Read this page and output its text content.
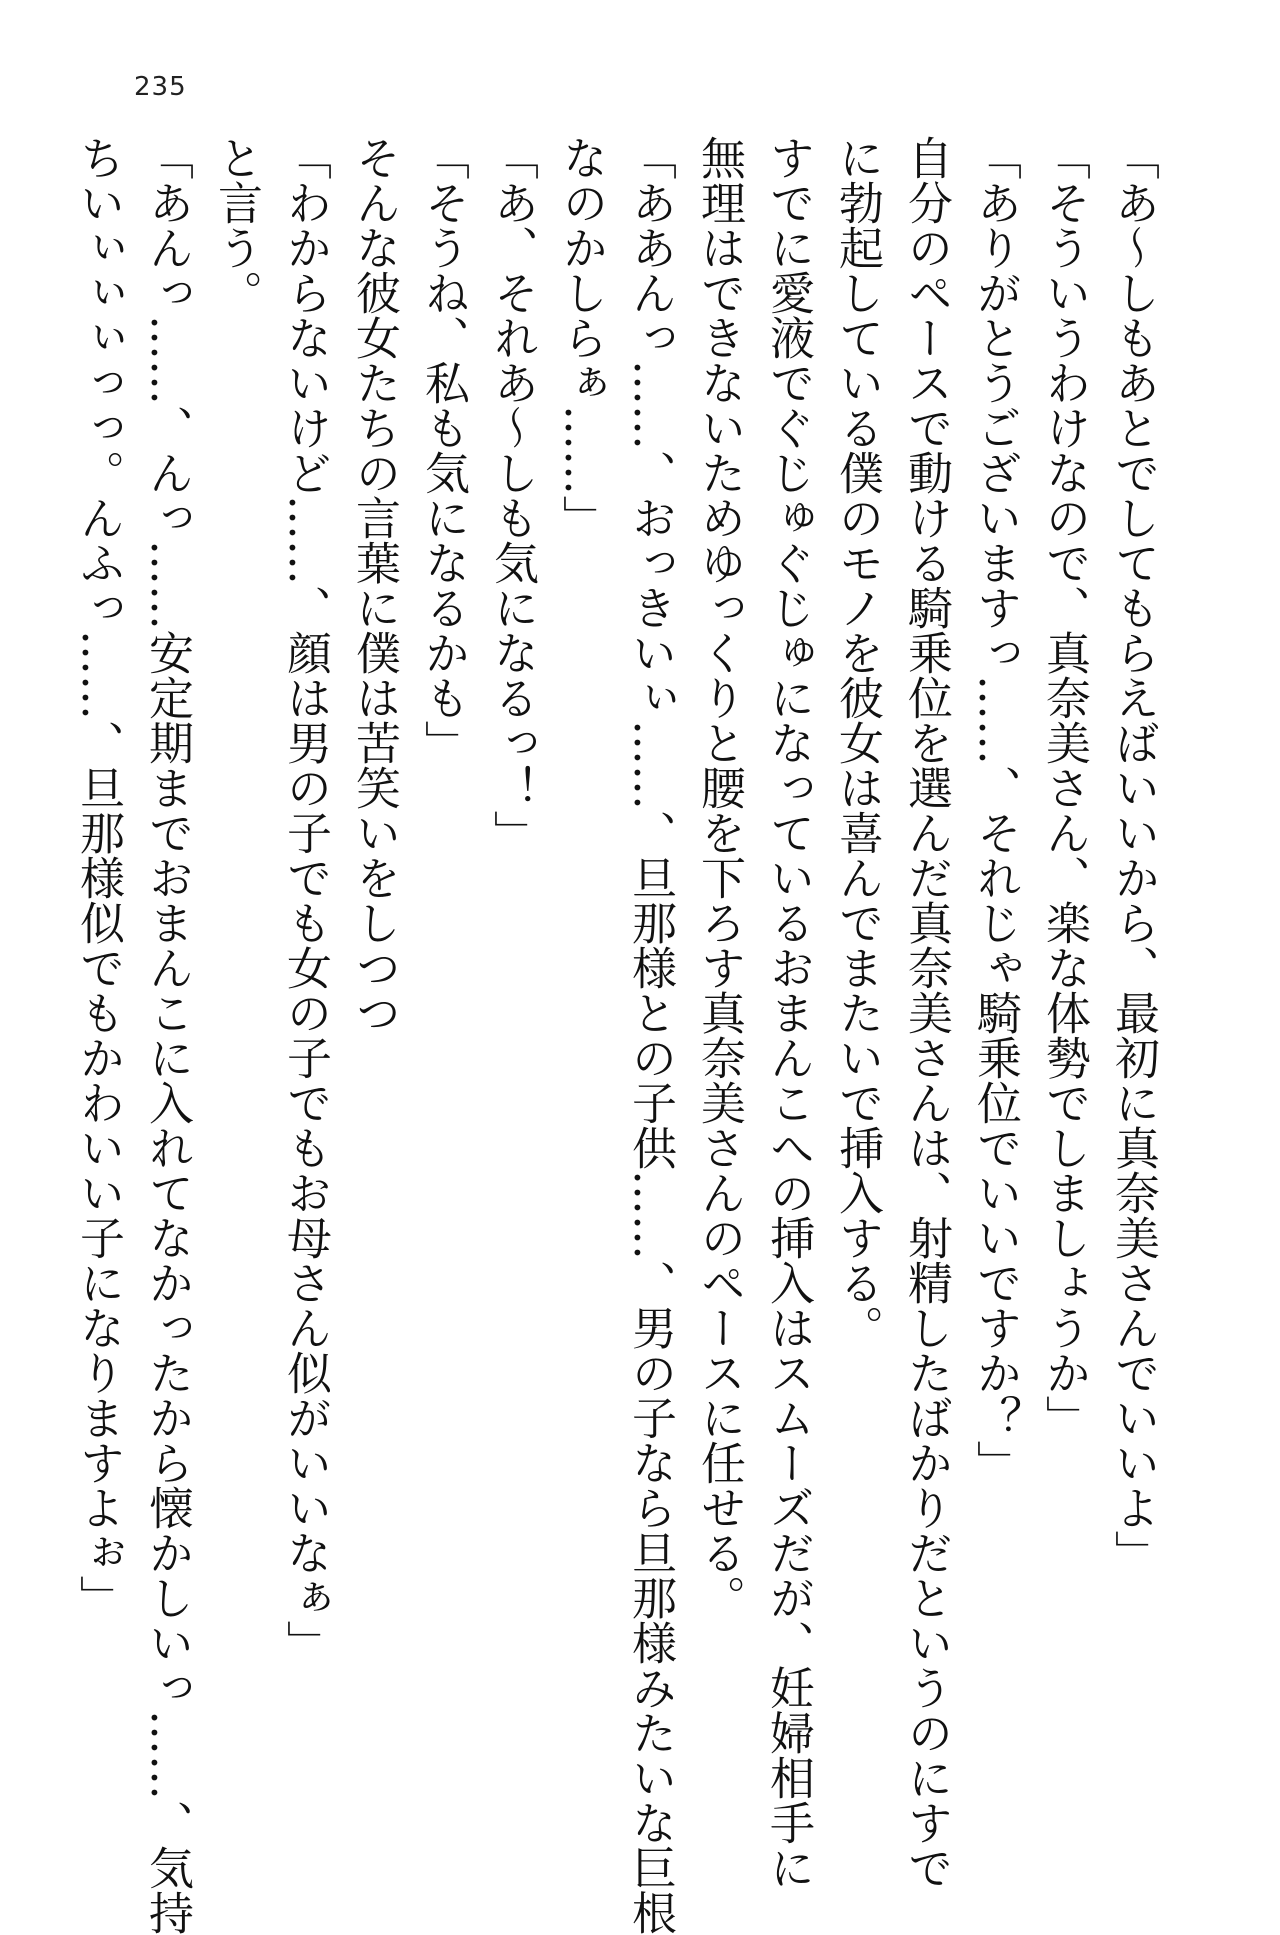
235
「あ〜しもあとでしてもらえばいいから、最初に真奈美さんでいいよ」
「そういうわけなので、真奈美さん、楽な体勢でしましょうか」
「ありがとうございますっ……、それじゃ騎乗位でいいですか？」
自分のペースで動ける騎乗位を選んだ真奈美さんは、射精したばかりだというのにすで
に勃起している僕のモノを彼女は喜んでまたいで挿入する。
すでに愛液でぐじゅぐじゅになっているおまんこへの挿入はスムーズだが、妊婦相手に
無理はできないためゆっくりと腰を下ろす真奈美さんのペースに任せる。
「ああんっ……、おっきいぃ……、旦那様との子供……、男の子なら旦那様みたいな巨根
なのかしらぁ……」
「あ、それあ〜しも気になるっ！」
「そうね、私も気になるかも」
そんな彼女たちの言葉に僕は苦笑いをしつつ
「わからないけど……、顔は男の子でも女の子でもお母さん似がいいなぁ」
と言う。
「あんっ……、んっ……安定期までおまんこに入れてなかったから懐かしいっ……、気持
ちいぃぃぃっっ。んふっ……、旦那様似でもかわいい子になりますよぉ」
